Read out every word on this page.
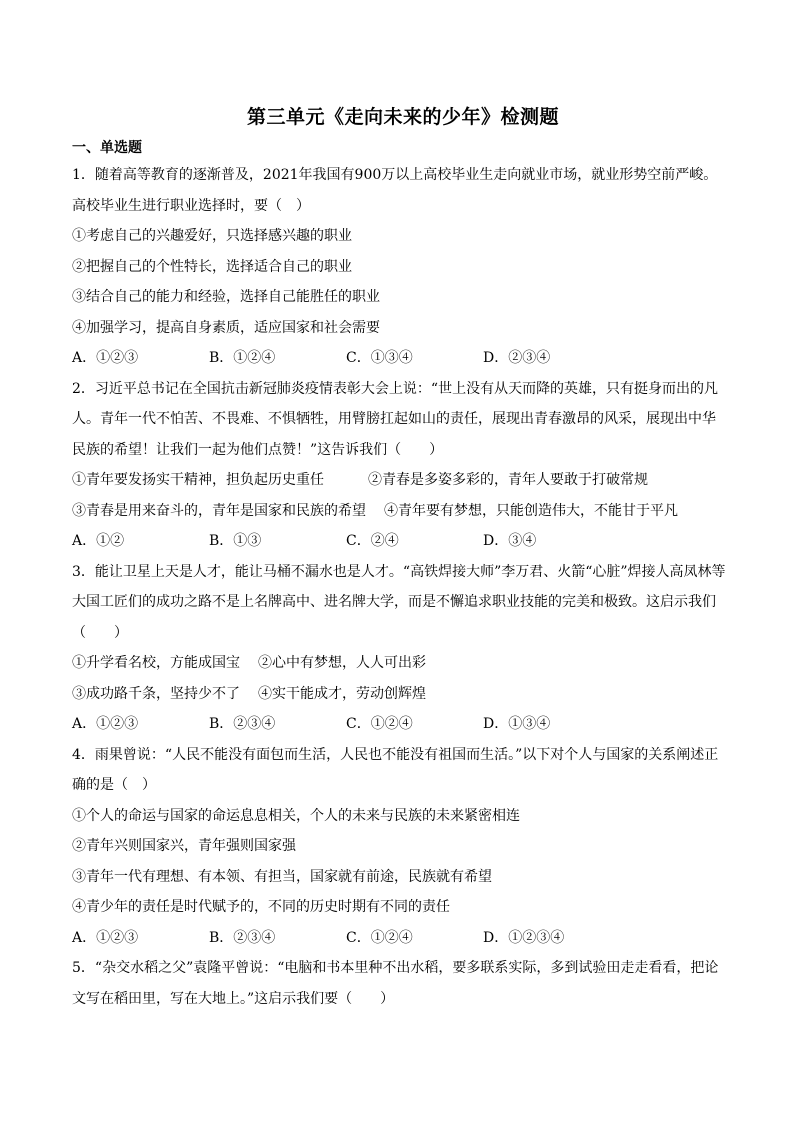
第三单元《走向未来的少年》检测题
一、单选题
1．随着高等教育的逐渐普及，2021年我国有900万以上高校毕业生走向就业市场，就业形势空前严峻。
高校毕业生进行职业选择时，要（　）
①考虑自己的兴趣爱好，只选择感兴趣的职业
②把握自己的个性特长，选择适合自己的职业
③结合自己的能力和经验，选择自己能胜任的职业
④加强学习，提高自身素质，适应国家和社会需要
A．①②③	B．①②④	C．①③④	D．②③④
2．习近平总书记在全国抗击新冠肺炎疫情表彰大会上说：“世上没有从天而降的英雄，只有挺身而出的凡
人。青年一代不怕苦、不畏难、不惧牺牲，用臂膀扛起如山的责任，展现出青春激昂的风采，展现出中华
民族的希望！让我们一起为他们点赞！”这告诉我们（　　）
①青年要发扬实干精神，担负起历史重任	②青春是多姿多彩的，青年人要敢于打破常规
③青春是用来奋斗的，青年是国家和民族的希望 ④青年要有梦想，只能创造伟大，不能甘于平凡
A．①②	B．①③	C．②④	D．③④
3．能让卫星上天是人才，能让马桶不漏水也是人才。“高铁焊接大师”李万君、火箭“心脏”焊接人高凤林等
大国工匠们的成功之路不是上名牌高中、进名牌大学，而是不懈追求职业技能的完美和极致。这启示我们
（　　）
①升学看名校，方能成国宝 ②心中有梦想，人人可出彩
③成功路千条，坚持少不了 ④实干能成才，劳动创辉煌
A．①②③	B．②③④	C．①②④	D．①③④
4．雨果曾说：“人民不能没有面包而生活，人民也不能没有祖国而生活。”以下对个人与国家的关系阐述正
确的是（　）
①个人的命运与国家的命运息息相关，个人的未来与民族的未来紧密相连
②青年兴则国家兴，青年强则国家强
③青年一代有理想、有本领、有担当，国家就有前途，民族就有希望
④青少年的责任是时代赋予的，不同的历史时期有不同的责任
A．①②③	B．②③④	C．①②④	D．①②③④
5．“杂交水稻之父”袁隆平曾说：“电脑和书本里种不出水稻，要多联系实际，多到试验田走走看看，把论
文写在稻田里，写在大地上。”这启示我们要（　　）
